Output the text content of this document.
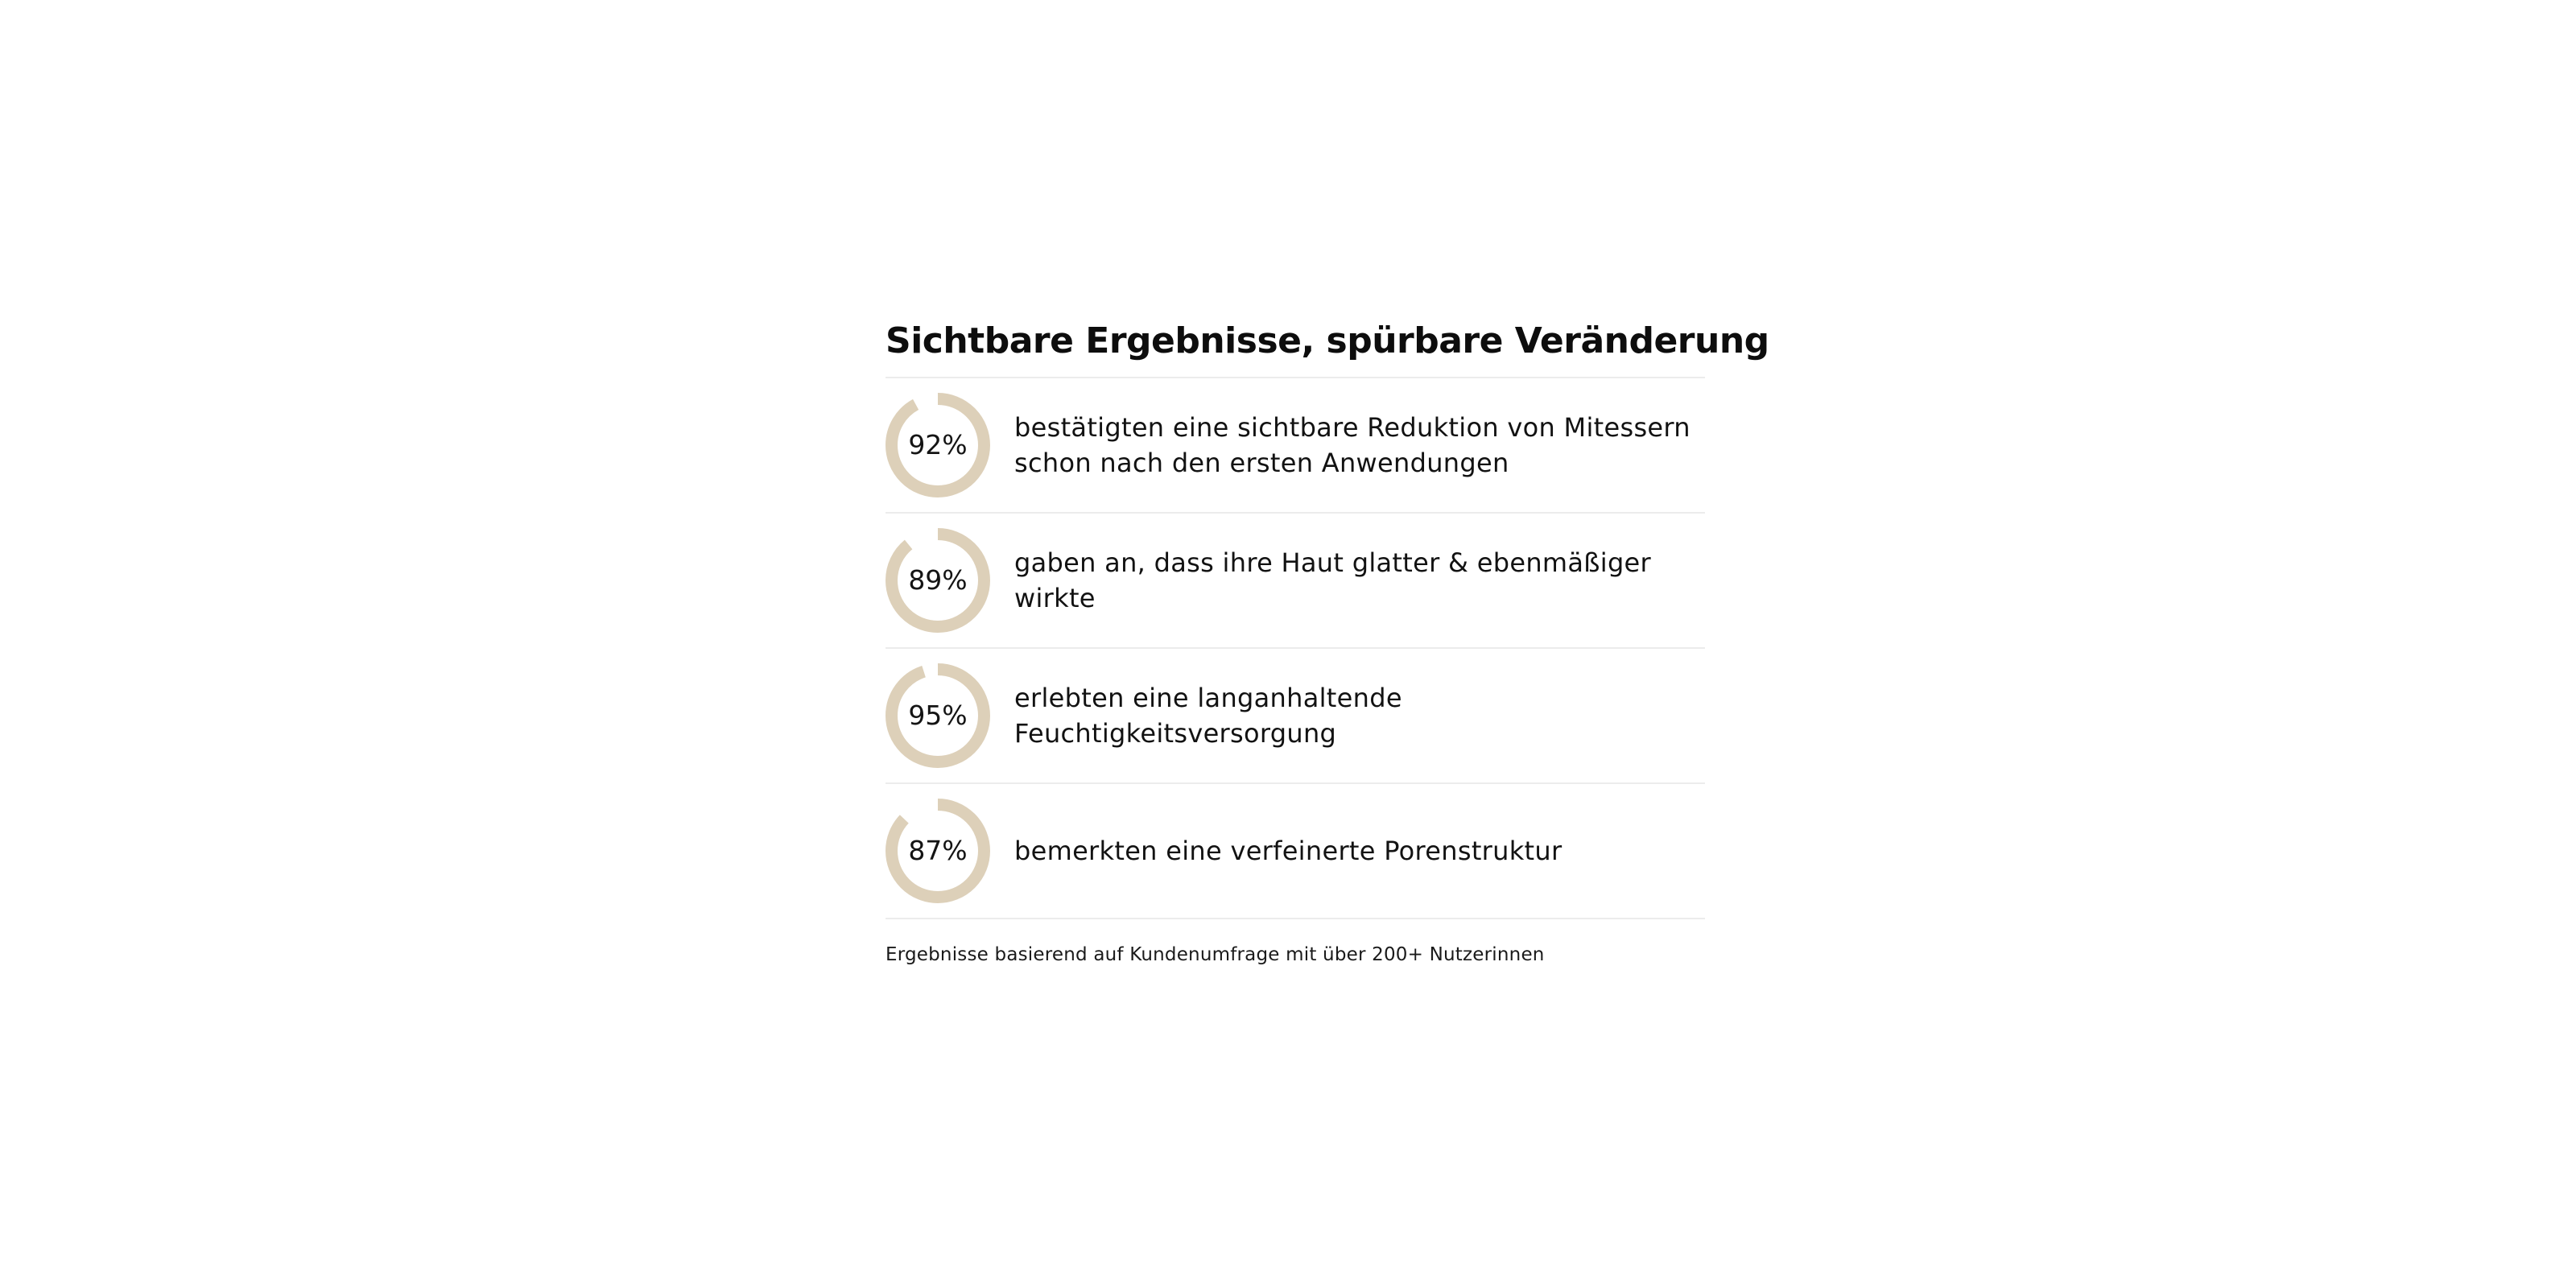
Sichtbare Ergebnisse, spürbare Veränderung
92%
bestätigten eine sichtbare Reduktion von Mitessern schon nach den ersten Anwendungen
89%
gaben an, dass ihre Haut glatter & ebenmäßiger wirkte
95%
erlebten eine langanhaltende Feuchtigkeitsversorgung
87%	bemerkten eine verfeinerte Porenstruktur
Ergebnisse basierend auf Kundenumfrage mit über 200+ Nutzerinnen
